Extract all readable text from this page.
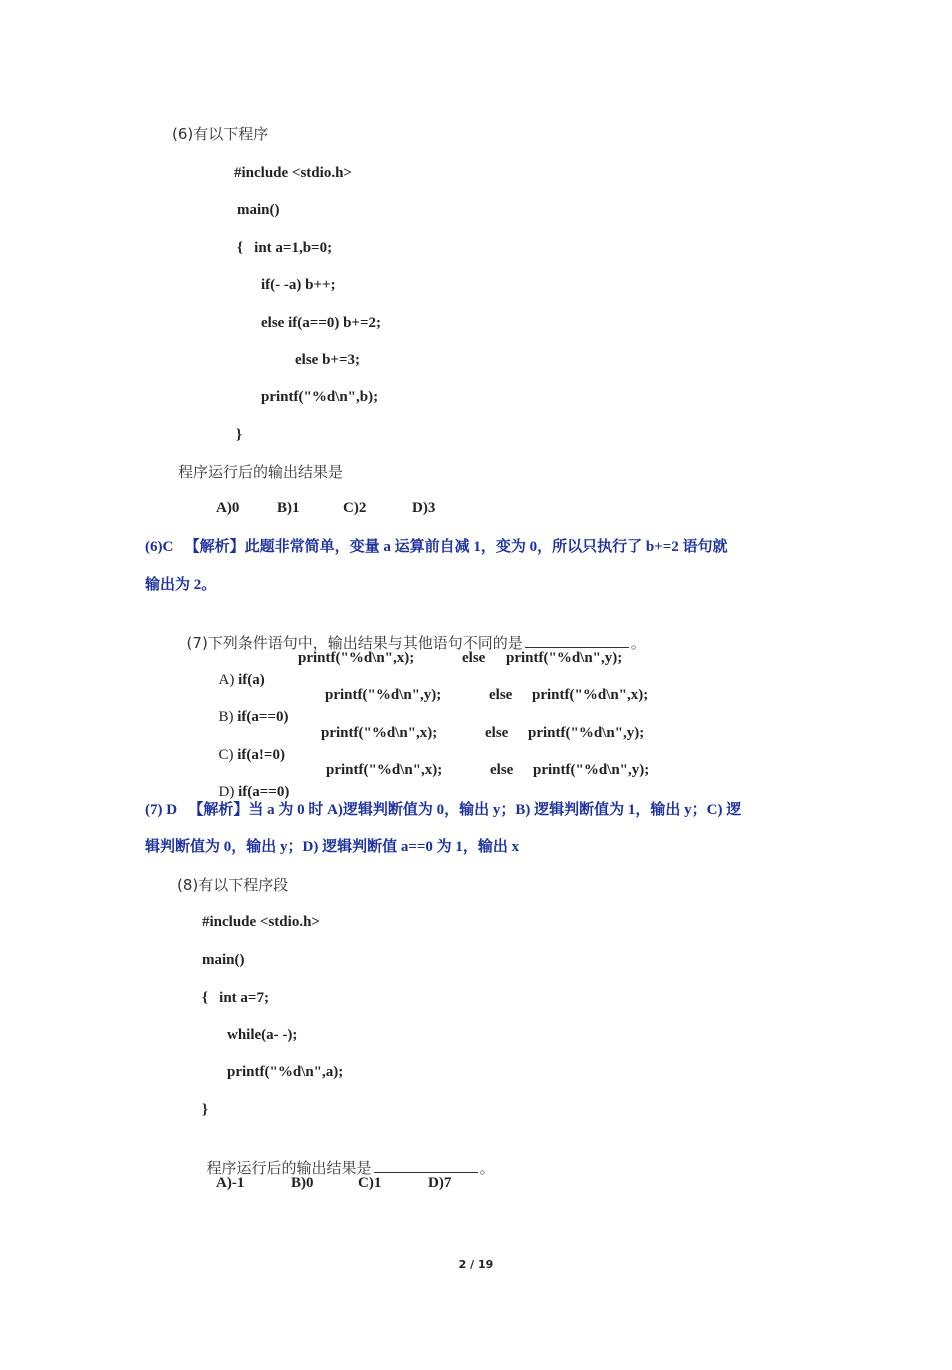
(6)有以下程序
#include <stdio.h>
main()
{   int a=1,b=0;
if(- -a) b++;
else if(a==0) b+=2;
else b+=3;
printf("%d\n",b);
}
程序运行后的输出结果是
A)0	B)1	C)2	D)3
(6)C   【解析】此题非常简单，变量 a 运算前自减 1，变为 0，所以只执行了 b+=2 语句就
输出为 2。

(7)下列条件语句中，输出结果与其他语句不同的是	。

A) if(a)

printf("%d\n",x);	else printf("%d\n",y);

B) if(a==0)

printf("%d\n",y);	else printf("%d\n",x);

C) if(a!=0)

printf("%d\n",x);	else printf("%d\n",y);

D) if(a==0)

printf("%d\n",x);	else printf("%d\n",y);
(7) D   【解析】当 a 为 0 时 A)逻辑判断值为 0，输出 y；B) 逻辑判断值为 1，输出 y；C) 逻
辑判断值为 0，输出 y；D) 逻辑判断值 a==0 为 1，输出 x
(8)有以下程序段
#include <stdio.h>
main()
{   int a=7;
while(a- -);
printf("%d\n",a);
}

程序运行后的输出结果是	。

A)-1	B)0	C)1	D)7
2 / 19
